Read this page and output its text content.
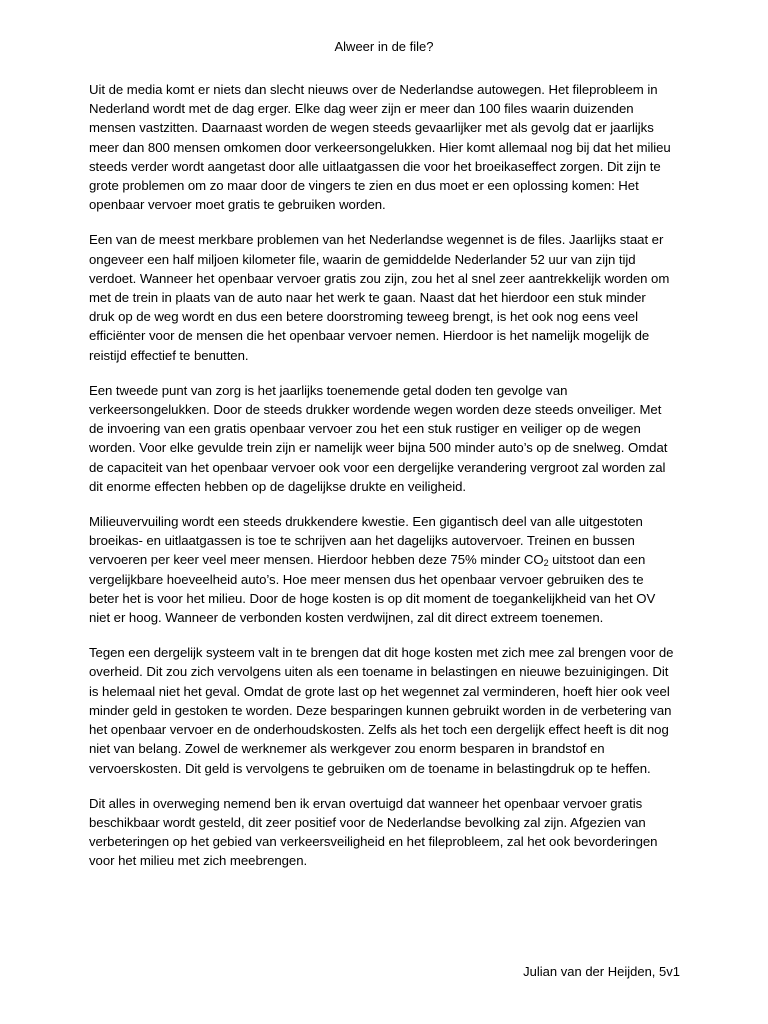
Alweer in de file?

Uit de media komt er niets dan slecht nieuws over de Nederlandse autowegen. Het fileprobleem in
Nederland wordt met de dag erger. Elke dag weer zijn er meer dan 100 files waarin duizenden
mensen vastzitten. Daarnaast worden de wegen steeds gevaarlijker met als gevolg dat er jaarlijks
meer dan 800 mensen omkomen door verkeersongelukken. Hier komt allemaal nog bij dat het milieu
steeds verder wordt aangetast door alle uitlaatgassen die voor het broeikaseffect zorgen. Dit zijn te
grote problemen om zo maar door de vingers te zien en dus moet er een oplossing komen: Het
openbaar vervoer moet gratis te gebruiken worden.

Een van de meest merkbare problemen van het Nederlandse wegennet is de files. Jaarlijks staat er
ongeveer een half miljoen kilometer file, waarin de gemiddelde Nederlander 52 uur van zijn tijd
verdoet. Wanneer het openbaar vervoer gratis zou zijn, zou het al snel zeer aantrekkelijk worden om
met de trein in plaats van de auto naar het werk te gaan. Naast dat het hierdoor een stuk minder
druk op de weg wordt en dus een betere doorstroming teweeg brengt, is het ook nog eens veel
efficiënter voor de mensen die het openbaar vervoer nemen. Hierdoor is het namelijk mogelijk de
reistijd effectief te benutten.

Een tweede punt van zorg is het jaarlijks toenemende getal doden ten gevolge van
verkeersongelukken. Door de steeds drukker wordende wegen worden deze steeds onveiliger. Met
de invoering van een gratis openbaar vervoer zou het een stuk rustiger en veiliger op de wegen
worden. Voor elke gevulde trein zijn er namelijk weer bijna 500 minder auto’s op de snelweg. Omdat
de capaciteit van het openbaar vervoer ook voor een dergelijke verandering vergroot zal worden zal
dit enorme effecten hebben op de dagelijkse drukte en veiligheid.

Milieuvervuiling wordt een steeds drukkendere kwestie. Een gigantisch deel van alle uitgestoten
broeikas- en uitlaatgassen is toe te schrijven aan het dagelijks autovervoer. Treinen en bussen
vervoeren per keer veel meer mensen. Hierdoor hebben deze 75% minder $CO_2$ uitstoot dan een
vergelijkbare hoeveelheid auto’s. Hoe meer mensen dus het openbaar vervoer gebruiken des te
beter het is voor het milieu. Door de hoge kosten is op dit moment de toegankelijkheid van het OV
niet er hoog. Wanneer de verbonden kosten verdwijnen, zal dit direct extreem toenemen.

Tegen een dergelijk systeem valt in te brengen dat dit hoge kosten met zich mee zal brengen voor de
overheid. Dit zou zich vervolgens uiten als een toename in belastingen en nieuwe bezuinigingen. Dit
is helemaal niet het geval. Omdat de grote last op het wegennet zal verminderen, hoeft hier ook veel
minder geld in gestoken te worden. Deze besparingen kunnen gebruikt worden in de verbetering van
het openbaar vervoer en de onderhoudskosten. Zelfs als het toch een dergelijk effect heeft is dit nog
niet van belang. Zowel de werknemer als werkgever zou enorm besparen in brandstof en
vervoerskosten. Dit geld is vervolgens te gebruiken om de toename in belastingdruk op te heffen.

Dit alles in overweging nemend ben ik ervan overtuigd dat wanneer het openbaar vervoer gratis
beschikbaar wordt gesteld, dit zeer positief voor de Nederlandse bevolking zal zijn. Afgezien van
verbeteringen op het gebied van verkeersveiligheid en het fileprobleem, zal het ook bevorderingen
voor het milieu met zich meebrengen.

Julian van der Heijden, 5v1
